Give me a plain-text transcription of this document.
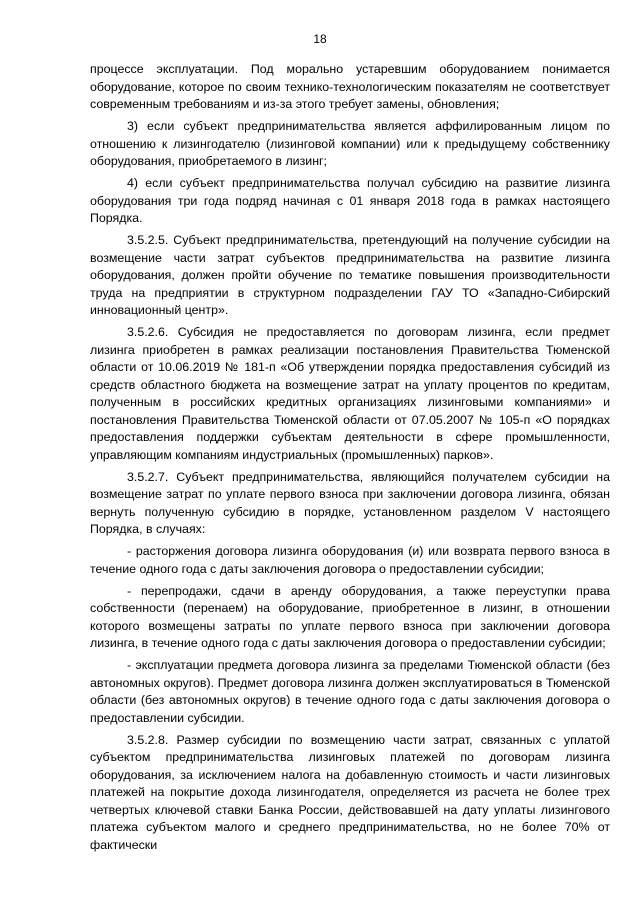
18

процессе эксплуатации. Под морально устаревшим оборудованием понимается оборудование, которое по своим технико-технологическим показателям не соответствует современным требованиям и из-за этого требует замены, обновления;

3) если субъект предпринимательства является аффилированным лицом по отношению к лизингодателю (лизинговой компании) или к предыдущему собственнику оборудования, приобретаемого в лизинг;

4) если субъект предпринимательства получал субсидию на развитие лизинга оборудования три года подряд начиная с 01 января 2018 года в рамках настоящего Порядка.

3.5.2.5. Субъект предпринимательства, претендующий на получение субсидии на возмещение части затрат субъектов предпринимательства на развитие лизинга оборудования, должен пройти обучение по тематике повышения производительности труда на предприятии в структурном подразделении ГАУ ТО «Западно-Сибирский инновационный центр».

3.5.2.6. Субсидия не предоставляется по договорам лизинга, если предмет лизинга приобретен в рамках реализации постановления Правительства Тюменской области от 10.06.2019 № 181-п «Об утверждении порядка предоставления субсидий из средств областного бюджета на возмещение затрат на уплату процентов по кредитам, полученным в российских кредитных организациях лизинговыми компаниями» и постановления Правительства Тюменской области от 07.05.2007 № 105-п «О порядках предоставления поддержки субъектам деятельности в сфере промышленности, управляющим компаниям индустриальных (промышленных) парков».

3.5.2.7. Субъект предпринимательства, являющийся получателем субсидии на возмещение затрат по уплате первого взноса при заключении договора лизинга, обязан вернуть полученную субсидию в порядке, установленном разделом V настоящего Порядка, в случаях:

- расторжения договора лизинга оборудования (и) или возврата первого взноса в течение одного года с даты заключения договора о предоставлении субсидии;

- перепродажи, сдачи в аренду оборудования, а также переуступки права собственности (перенаем) на оборудование, приобретенное в лизинг, в отношении которого возмещены затраты по уплате первого взноса при заключении договора лизинга, в течение одного года с даты заключения договора о предоставлении субсидии;

- эксплуатации предмета договора лизинга за пределами Тюменской области (без автономных округов). Предмет договора лизинга должен эксплуатироваться в Тюменской области (без автономных округов) в течение одного года с даты заключения договора о предоставлении субсидии.

3.5.2.8. Размер субсидии по возмещению части затрат, связанных с уплатой субъектом предпринимательства лизинговых платежей по договорам лизинга оборудования, за исключением налога на добавленную стоимость и части лизинговых платежей на покрытие дохода лизингодателя, определяется из расчета не более трех четвертых ключевой ставки Банка России, действовавшей на дату уплаты лизингового платежа субъектом малого и среднего предпринимательства, но не более 70% от фактически
